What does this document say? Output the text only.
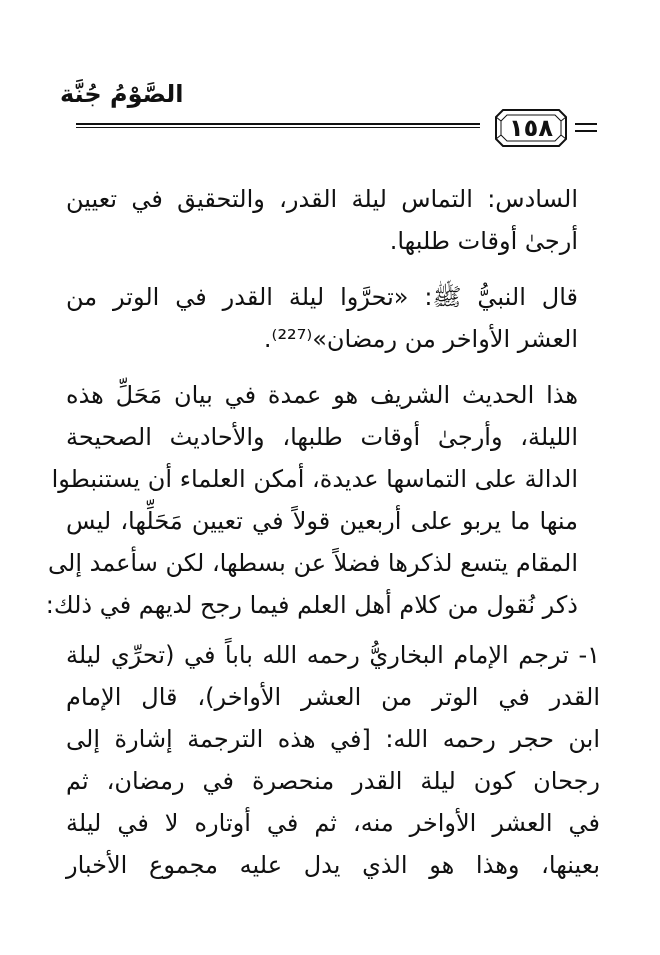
الصَّوْمُ جُنَّة
١٥٨
السادس: التماس ليلة القدر، والتحقيق في تعيين
أرجىٰ أوقات طلبها.
قال النبيُّ ﷺ: «تحرَّوا ليلة القدر في الوتر من
العشر الأواخر من رمضان»⁽²²⁷⁾.
هذا الحديث الشريف هو عمدة في بيان مَحَلِّ هذه
الليلة، وأرجىٰ أوقات طلبها، والأحاديث الصحيحة
الدالة على التماسها عديدة، أمكن العلماء أن يستنبطوا
منها ما يربو على أربعين قولاً في تعيين مَحَلِّها، ليس
المقام يتسع لذكرها فضلاً عن بسطها، لكن سأعمد إلى
ذكر نُقول من كلام أهل العلم فيما رجح لديهم في ذلك:
١- ترجم الإمام البخاريُّ رحمه الله باباً في (تحرِّي ليلة
القدر في الوتر من العشر الأواخر)، قال الإمام
ابن حجر رحمه الله: [في هذه الترجمة إشارة إلى
رجحان كون ليلة القدر منحصرة في رمضان، ثم
في العشر الأواخر منه، ثم في أوتاره لا في ليلة
بعينها، وهذا هو الذي يدل عليه مجموع الأخبار
